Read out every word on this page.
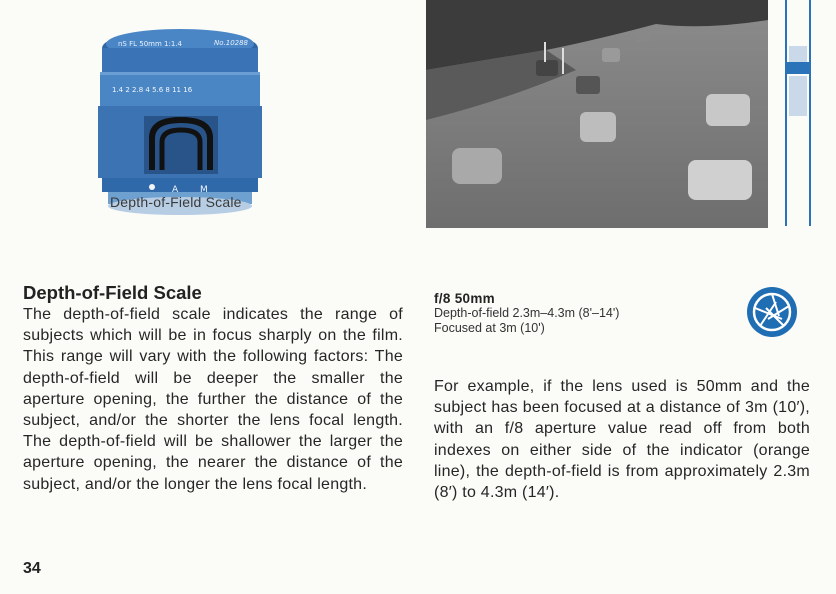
nS FL 50mm 1:1.4	No.10288
1.4 2 2.8 4 5.6 8 11 16
A M
Depth-of-Field Scale
Depth-of-Field Scale
The depth-of-field scale indicates the range of subjects which will be in focus sharply on the film. This range will vary with the following factors: The depth-of-field will be deeper the smaller the aperture opening, the further the distance of the subject, and/or the shorter the lens focal length. The depth-of-field will be shallower the larger the aperture opening, the nearer the distance of the subject, and/or the longer the lens focal length.
f/8 50mm
Depth-of-field 2.3m–4.3m (8'–14')
Focused at 3m (10')
For example, if the lens used is 50mm and the subject has been focused at a distance of 3m (10′), with an f/8 aperture value read off from both indexes on either side of the indicator (orange line), the depth-of-field is from approximately 2.3m (8′) to 4.3m (14′).
34
